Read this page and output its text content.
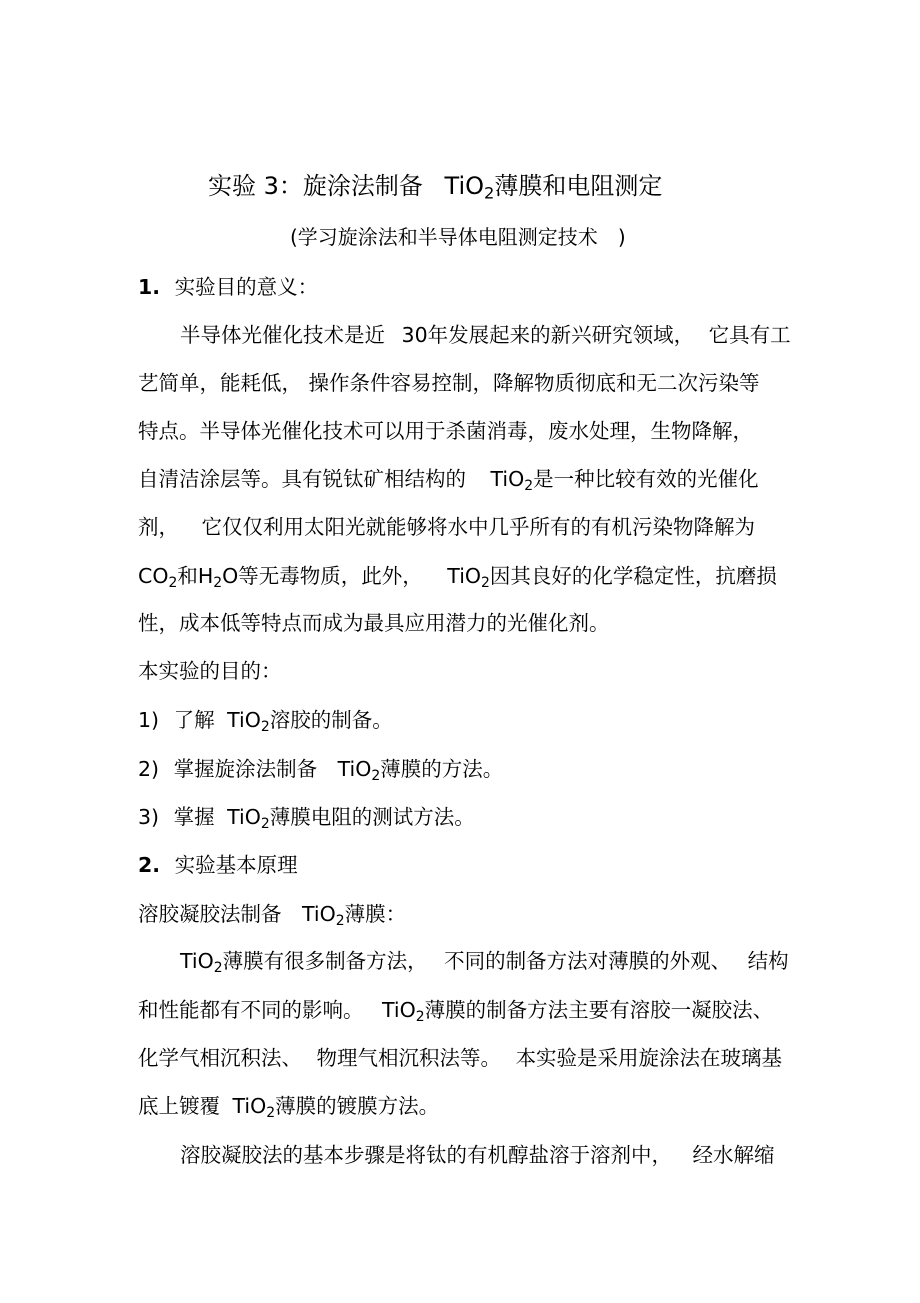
实验 3：旋涂法制备 TiO$_2$薄膜和电阻测定
(学习旋涂法和半导体电阻测定技术 )
1. 实验目的意义：
半导体光催化技术是近 30年发展起来的新兴研究领域， 它具有工
艺简单，能耗低， 操作条件容易控制，降解物质彻底和无二次污染等
特点。半导体光催化技术可以用于杀菌消毒，废水处理，生物降解，
自清洁涂层等。具有锐钛矿相结构的 TiO$_2$是一种比较有效的光催化
剂， 它仅仅利用太阳光就能够将水中几乎所有的有机污染物降解为
$CO_2$和$H_2O$等无毒物质，此外， TiO$_2$因其良好的化学稳定性，抗磨损
性，成本低等特点而成为最具应用潜力的光催化剂。
本实验的目的：
1) 了解 TiO$_2$溶胶的制备。
2) 掌握旋涂法制备 TiO$_2$薄膜的方法。
3) 掌握 TiO$_2$薄膜电阻的测试方法。
2. 实验基本原理
溶胶凝胶法制备 TiO$_2$薄膜：
TiO$_2$薄膜有很多制备方法， 不同的制备方法对薄膜的外观、 结构
和性能都有不同的影响。 TiO$_2$薄膜的制备方法主要有溶胶一凝胶法、
化学气相沉积法、 物理气相沉积法等。 本实验是采用旋涂法在玻璃基
底上镀覆 TiO$_2$薄膜的镀膜方法。
溶胶凝胶法的基本步骤是将钛的有机醇盐溶于溶剂中， 经水解缩
